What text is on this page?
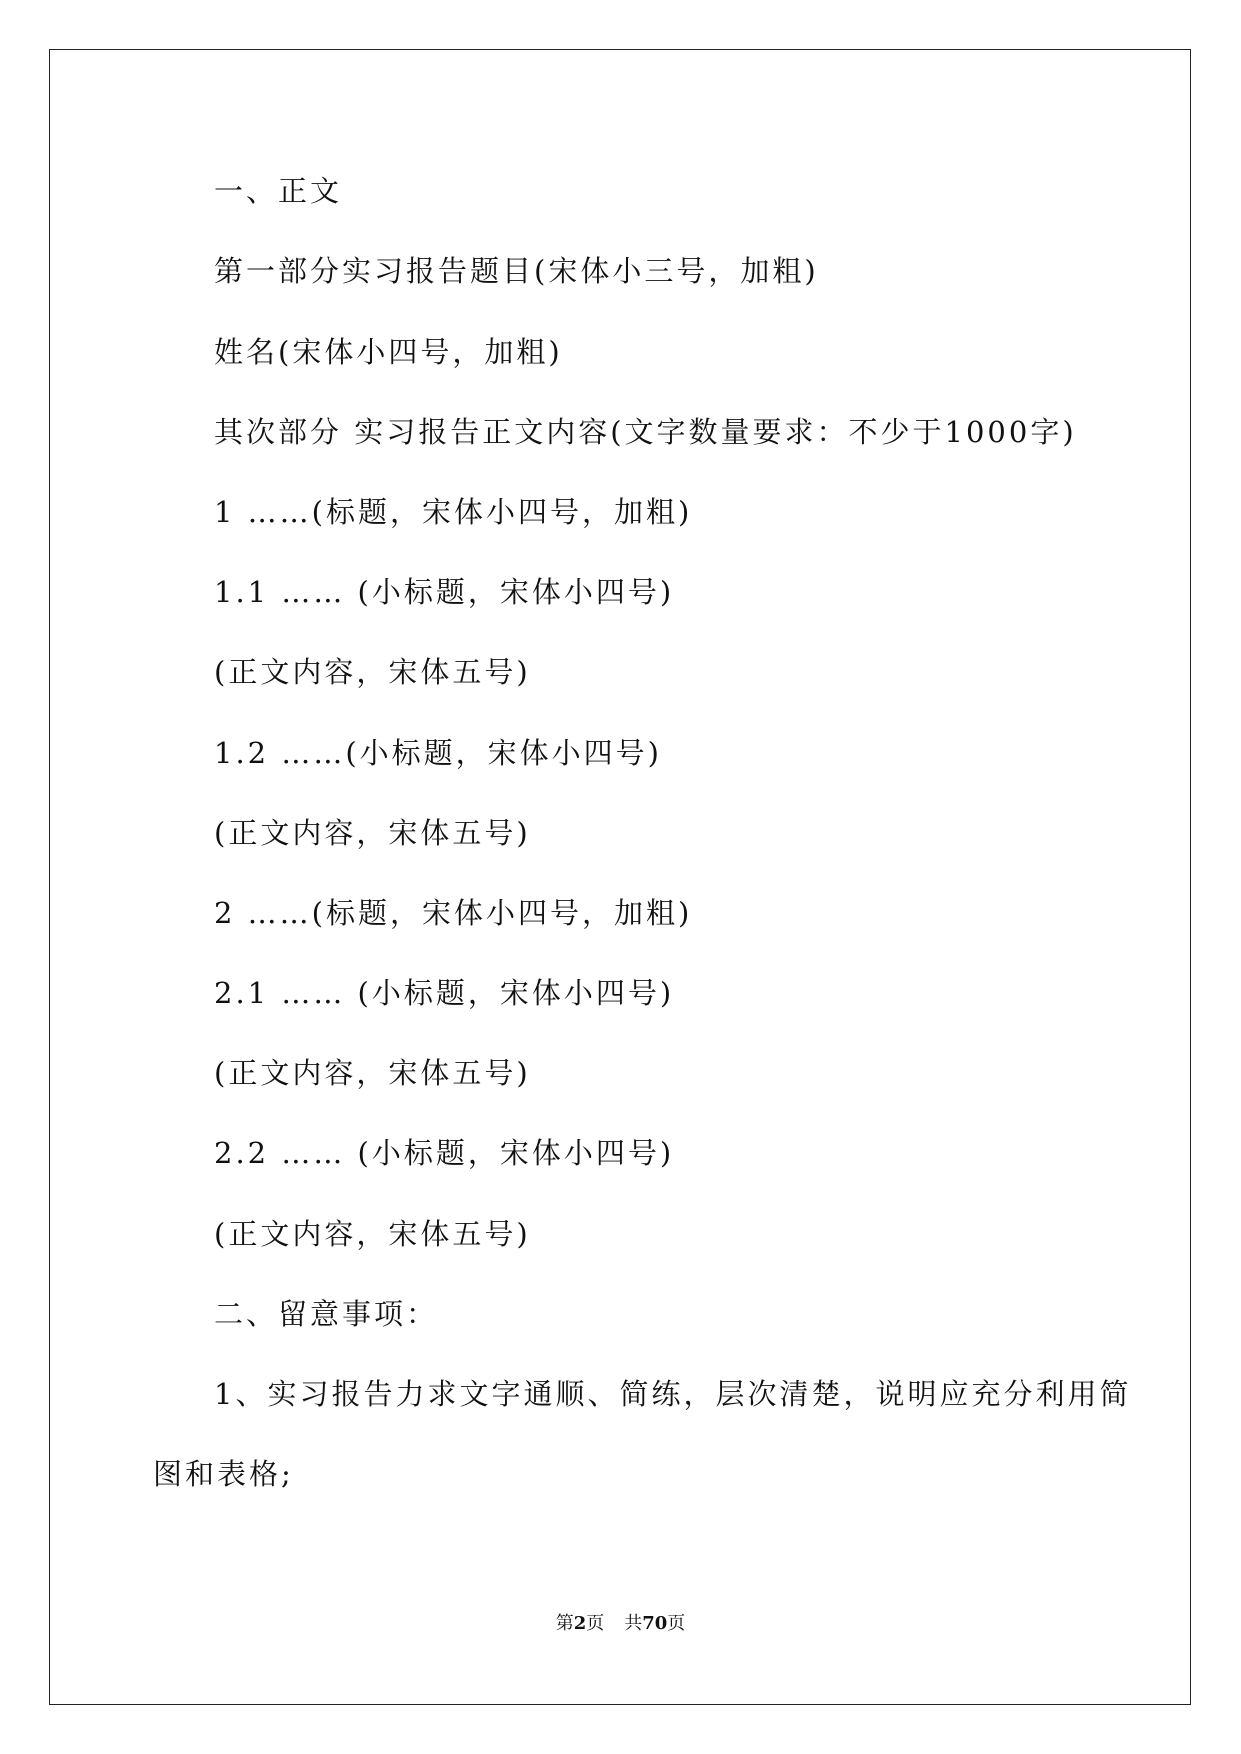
一、正文
第一部分实习报告题目(宋体小三号，加粗)
姓名(宋体小四号，加粗)
其次部分 实习报告正文内容(文字数量要求：不少于1000字)
1 ……(标题，宋体小四号，加粗)
1.1 …… (小标题，宋体小四号)
(正文内容，宋体五号)
1.2 ……(小标题，宋体小四号)
(正文内容，宋体五号)
2 ……(标题，宋体小四号，加粗)
2.1 …… (小标题，宋体小四号)
(正文内容，宋体五号)
2.2 …… (小标题，宋体小四号)
(正文内容，宋体五号)
二、留意事项：
1、实习报告力求文字通顺、简练，层次清楚，说明应充分利用简
图和表格;
第2页 共70页
